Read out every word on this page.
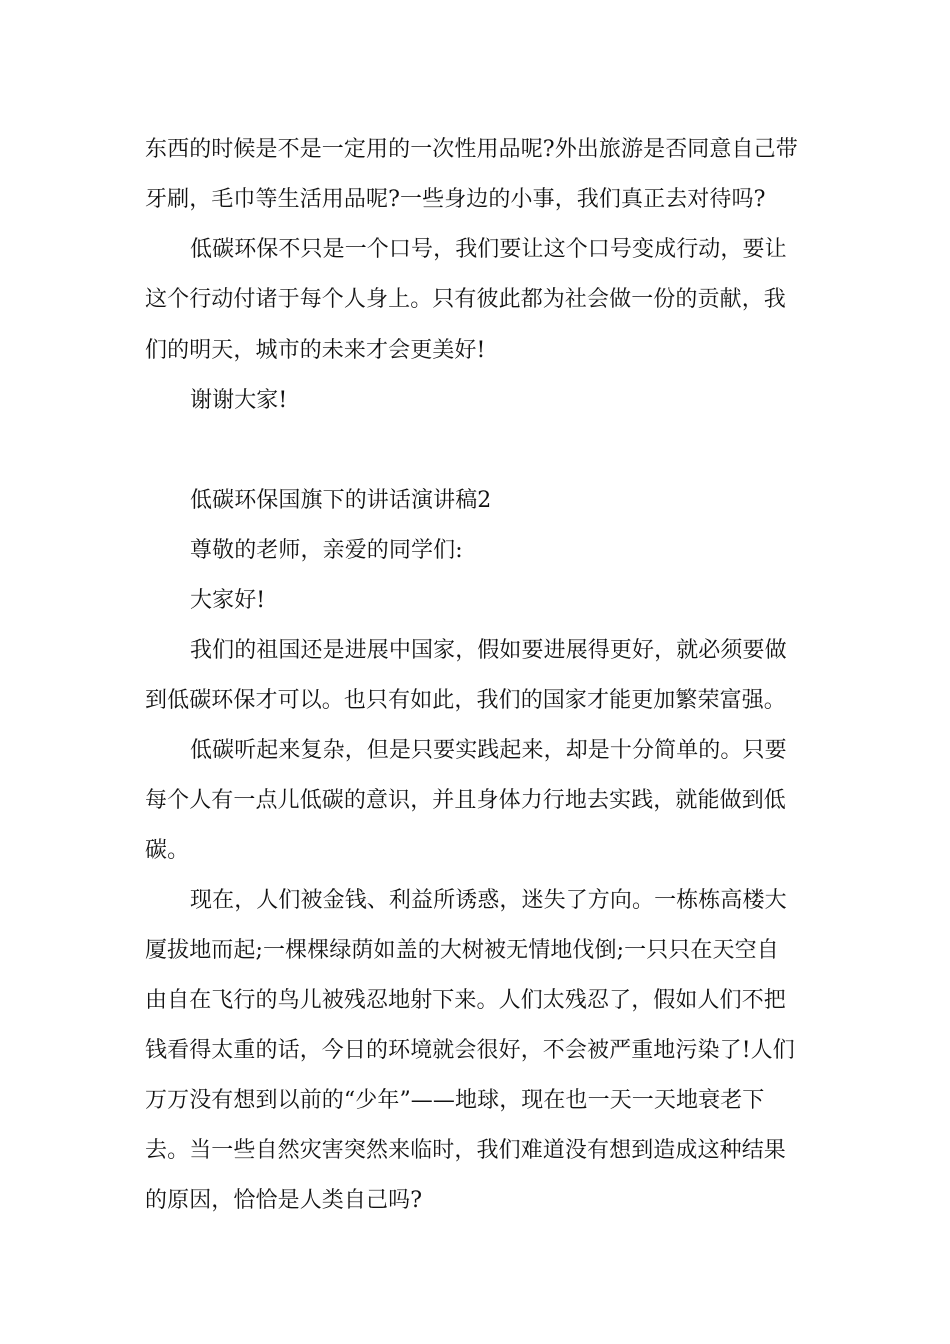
东西的时候是不是一定用的一次性用品呢?外出旅游是否同意自己带
牙刷，毛巾等生活用品呢?一些身边的小事，我们真正去对待吗?
低碳环保不只是一个口号，我们要让这个口号变成行动，要让
这个行动付诸于每个人身上。只有彼此都为社会做一份的贡献，我
们的明天，城市的未来才会更美好!
谢谢大家!
低碳环保国旗下的讲话演讲稿2
尊敬的老师，亲爱的同学们:
大家好!
我们的祖国还是进展中国家，假如要进展得更好，就必须要做
到低碳环保才可以。也只有如此，我们的国家才能更加繁荣富强。
低碳听起来复杂，但是只要实践起来，却是十分简单的。只要
每个人有一点儿低碳的意识，并且身体力行地去实践，就能做到低
碳。
现在，人们被金钱、利益所诱惑，迷失了方向。一栋栋高楼大
厦拔地而起;一棵棵绿荫如盖的大树被无情地伐倒;一只只在天空自
由自在飞行的鸟儿被残忍地射下来。人们太残忍了，假如人们不把
钱看得太重的话，今日的环境就会很好，不会被严重地污染了!人们
万万没有想到以前的“少年”——地球，现在也一天一天地衰老下
去。当一些自然灾害突然来临时，我们难道没有想到造成这种结果
的原因，恰恰是人类自己吗?
